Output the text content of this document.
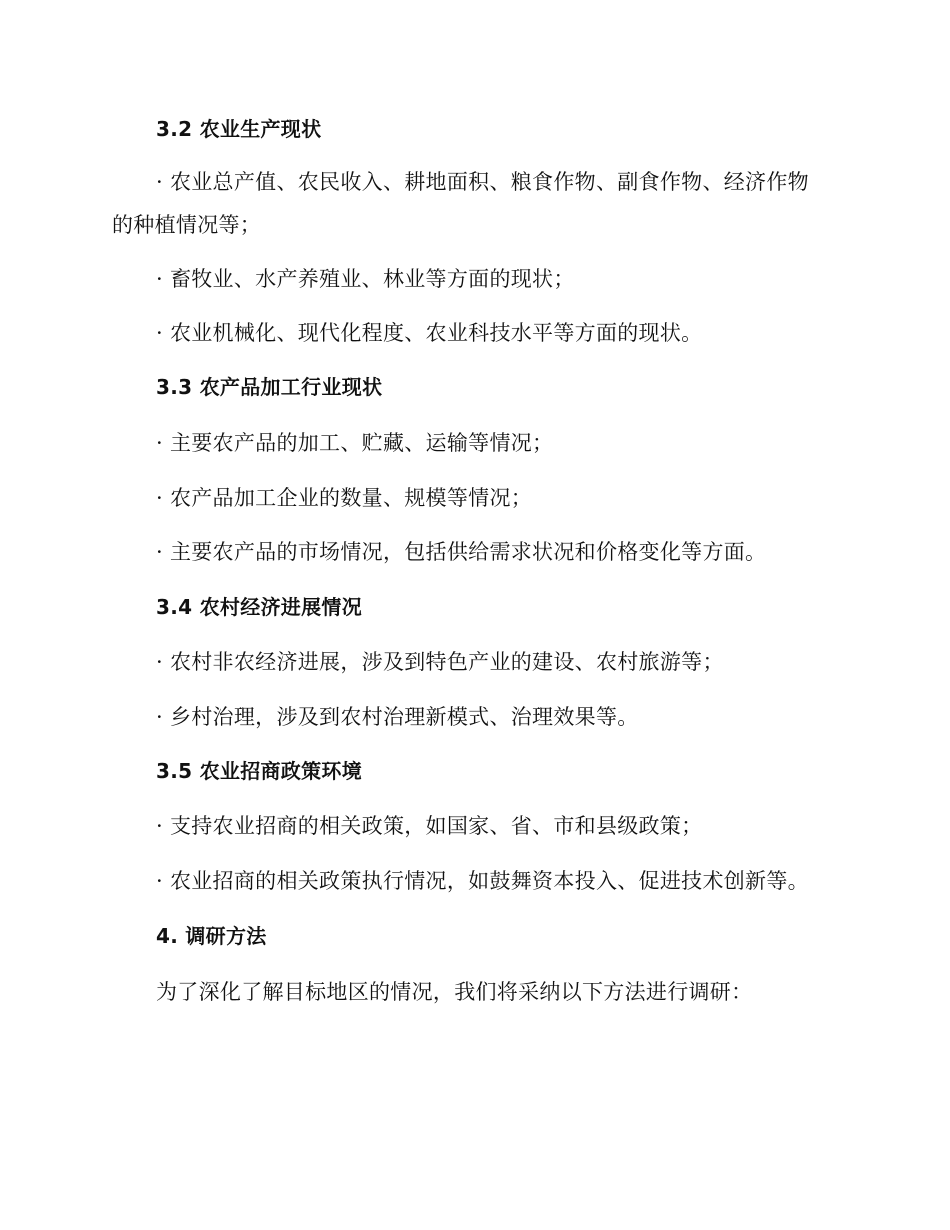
3.2 农业生产现状
· 农业总产值、农民收入、耕地面积、粮食作物、副食作物、经济作物
的种植情况等；
· 畜牧业、水产养殖业、林业等方面的现状；
· 农业机械化、现代化程度、农业科技水平等方面的现状。
3.3 农产品加工行业现状
· 主要农产品的加工、贮藏、运输等情况；
· 农产品加工企业的数量、规模等情况；
· 主要农产品的市场情况，包括供给需求状况和价格变化等方面。
3.4 农村经济进展情况
· 农村非农经济进展，涉及到特色产业的建设、农村旅游等；
· 乡村治理，涉及到农村治理新模式、治理效果等。
3.5 农业招商政策环境
· 支持农业招商的相关政策，如国家、省、市和县级政策；
· 农业招商的相关政策执行情况，如鼓舞资本投入、促进技术创新等。
4. 调研方法
为了深化了解目标地区的情况，我们将采纳以下方法进行调研：
